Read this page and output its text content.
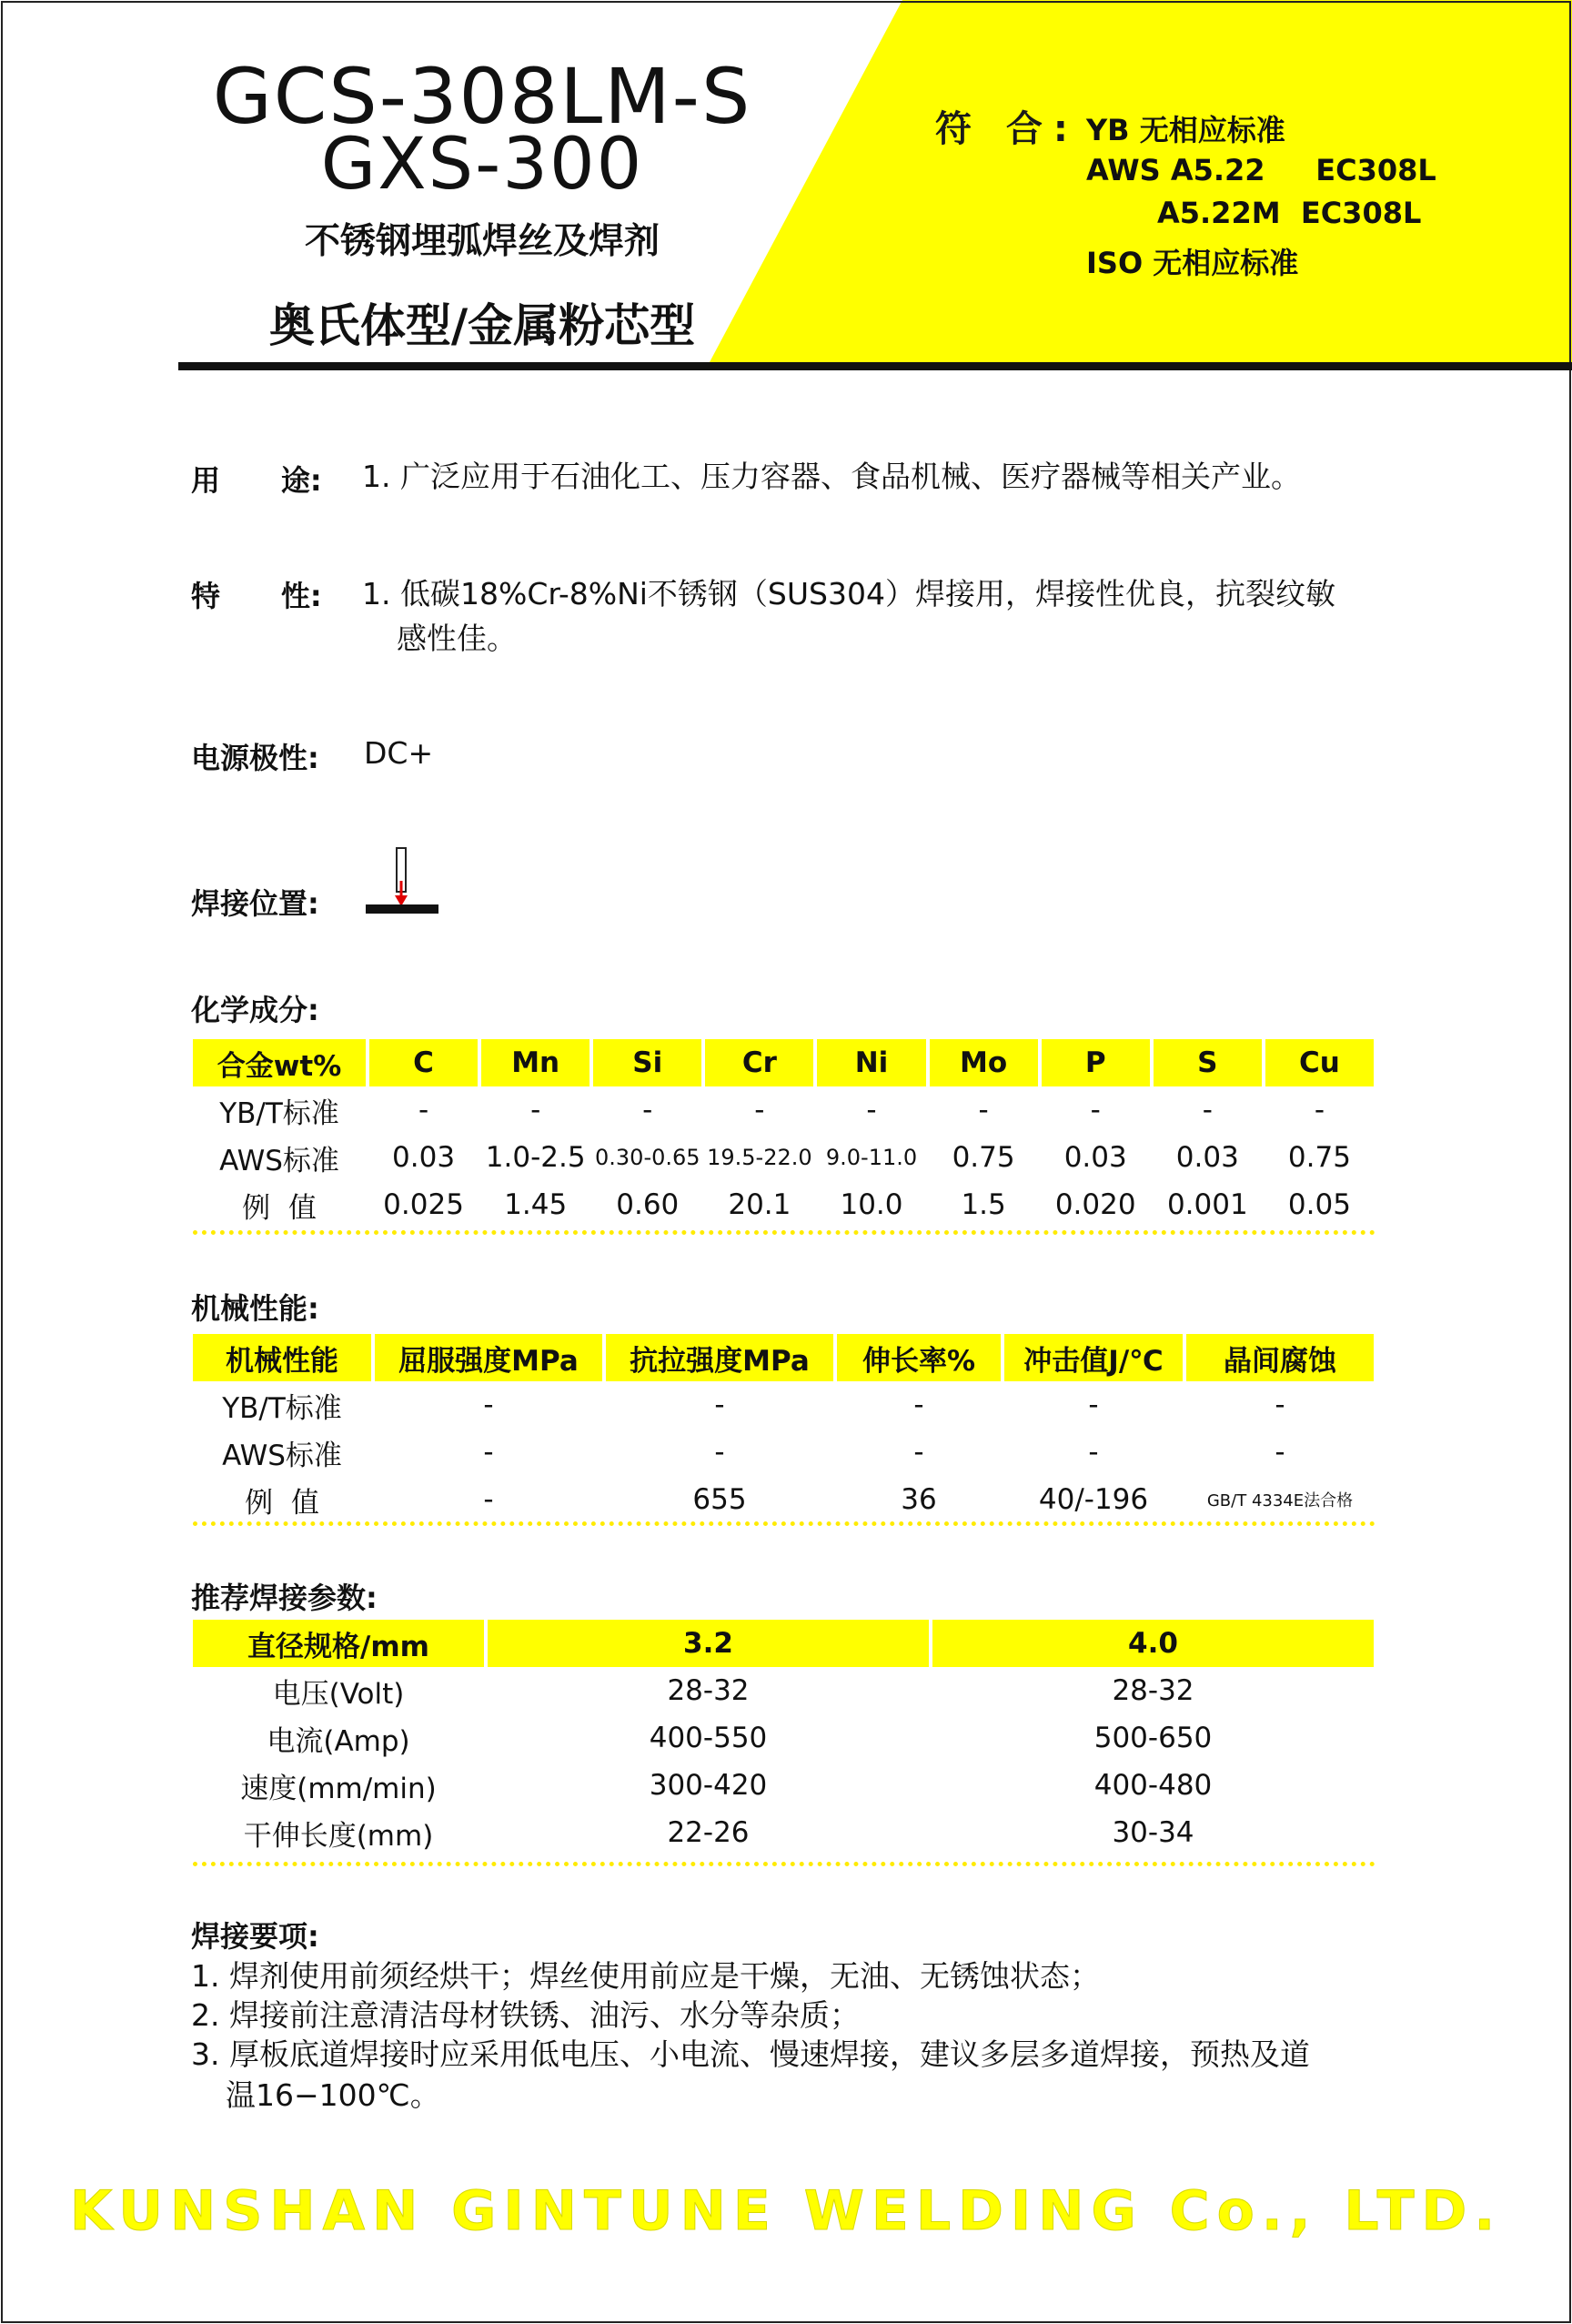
GCS-308LM-S
GXS-300
不锈钢埋弧焊丝及焊剂
奥氏体型/金属粉芯型
符 合: YB 无相应标准
AWS A5.22     EC308L
A5.22M  EC308L
ISO 无相应标准
用      途: 1. 广泛应用于石油化工、压力容器、食品机械、医疗器械等相关产业。
特      性: 1. 低碳18%Cr-8%Ni不锈钢（SUS304）焊接用，焊接性优良，抗裂纹敏
感性佳。
电源极性: DC+
焊接位置:
化学成分:
合金wt%	C	Mn	Si	Cr	Ni	Mo	P	S	Cu
YB/T标准	-	-	-	-	-	-	-	-	-
AWS标准	0.03	1.0-2.5	0.30-0.65	19.5-22.0	9.0-11.0	0.75	0.03	0.03	0.75
例  值	0.025	1.45	0.60	20.1	10.0	1.5	0.020	0.001	0.05
机械性能:
机械性能	屈服强度MPa	抗拉强度MPa	伸长率%	冲击值J/℃	晶间腐蚀
YB/T标准	-	-	-	-	-
AWS标准	-	-	-	-	-
例  值	-	655	36	40/-196	GB/T 4334E法合格
推荐焊接参数:
直径规格/mm	3.2	4.0
电压(Volt)	28-32	28-32
电流(Amp)	400-550	500-650
速度(mm/min)	300-420	400-480
干伸长度(mm)	22-26	30-34
焊接要项:
1. 焊剂使用前须经烘干；焊丝使用前应是干燥，无油、无锈蚀状态；
2. 焊接前注意清洁母材铁锈、油污、水分等杂质；
3. 厚板底道焊接时应采用低电压、小电流、慢速焊接，建议多层多道焊接，预热及道
温16−100℃。
KUNSHAN GINTUNE WELDING Co., LTD.
